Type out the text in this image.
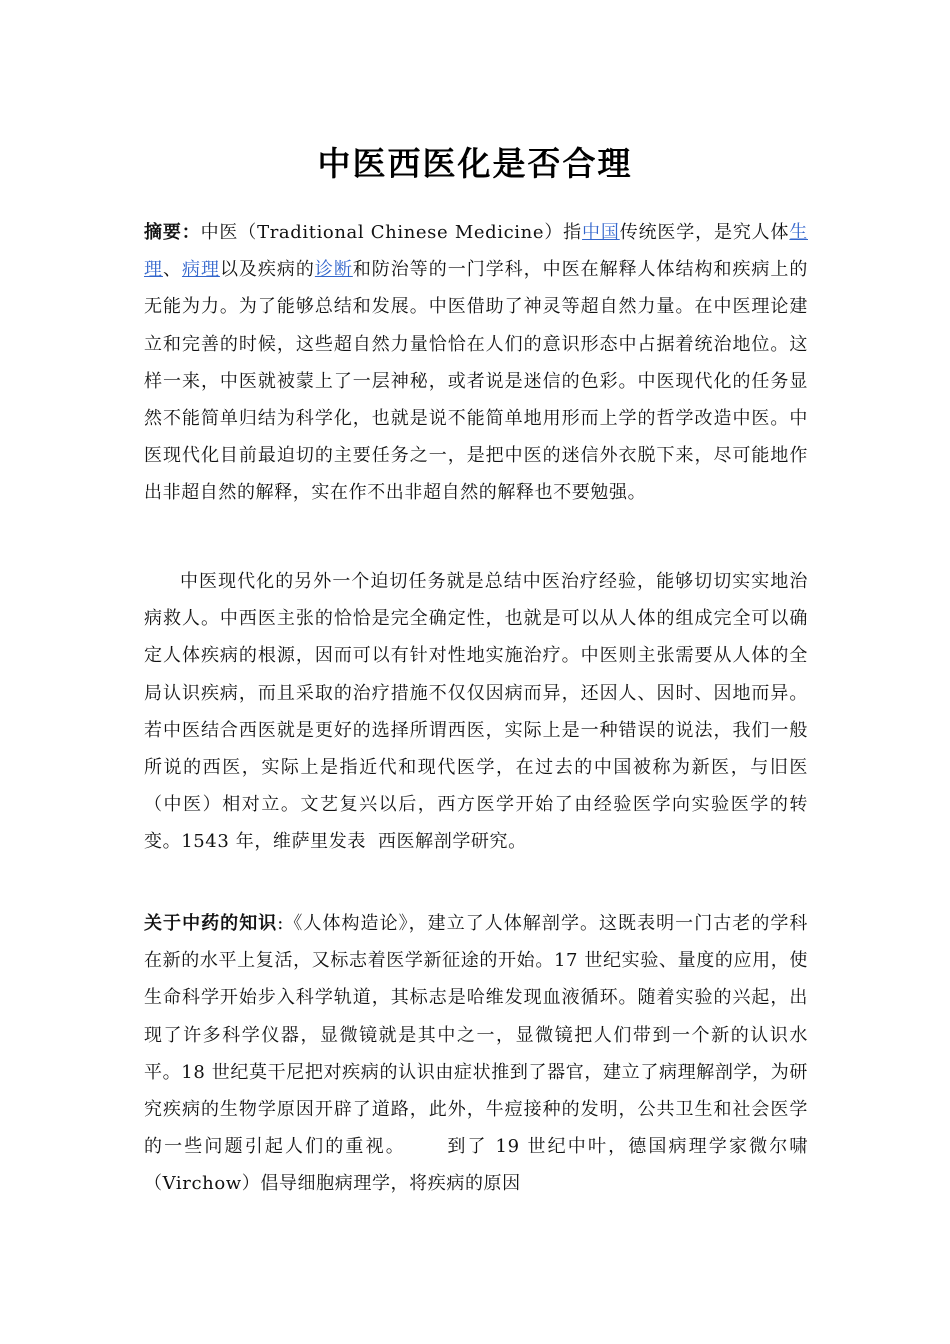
中医西医化是否合理

摘要：中医（Traditional Chinese Medicine）指中国传统医学，是究人体生理、病理以及疾病的诊断和防治等的一门学科，中医在解释人体结构和疾病上的无能为力。为了能够总结和发展。中医借助了神灵等超自然力量。在中医理论建立和完善的时候，这些超自然力量恰恰在人们的意识形态中占据着统治地位。这样一来，中医就被蒙上了一层神秘，或者说是迷信的色彩。中医现代化的任务显然不能简单归结为科学化，也就是说不能简单地用形而上学的哲学改造中医。中医现代化目前最迫切的主要任务之一，是把中医的迷信外衣脱下来，尽可能地作出非超自然的解释，实在作不出非超自然的解释也不要勉强。

中医现代化的另外一个迫切任务就是总结中医治疗经验，能够切切实实地治病救人。中西医主张的恰恰是完全确定性，也就是可以从人体的组成完全可以确定人体疾病的根源，因而可以有针对性地实施治疗。中医则主张需要从人体的全局认识疾病，而且采取的治疗措施不仅仅因病而异，还因人、因时、因地而异。若中医结合西医就是更好的选择所谓西医，实际上是一种错误的说法，我们一般所说的西医，实际上是指近代和现代医学，在过去的中国被称为新医，与旧医（中医）相对立。文艺复兴以后，西方医学开始了由经验医学向实验医学的转变。1543 年，维萨里发表 西医解剖学研究。

关于中药的知识:《人体构造论》，建立了人体解剖学。这既表明一门古老的学科在新的水平上复活，又标志着医学新征途的开始。17 世纪实验、量度的应用，使生命科学开始步入科学轨道，其标志是哈维发现血液循环。随着实验的兴起，出现了许多科学仪器，显微镜就是其中之一，显微镜把人们带到一个新的认识水平。18 世纪莫干尼把对疾病的认识由症状推到了器官，建立了病理解剖学，为研究疾病的生物学原因开辟了道路，此外，牛痘接种的发明，公共卫生和社会医学的一些问题引起人们的重视。 到了 19 世纪中叶，德国病理学家微尔啸（Virchow）倡导细胞病理学，将疾病的原因
